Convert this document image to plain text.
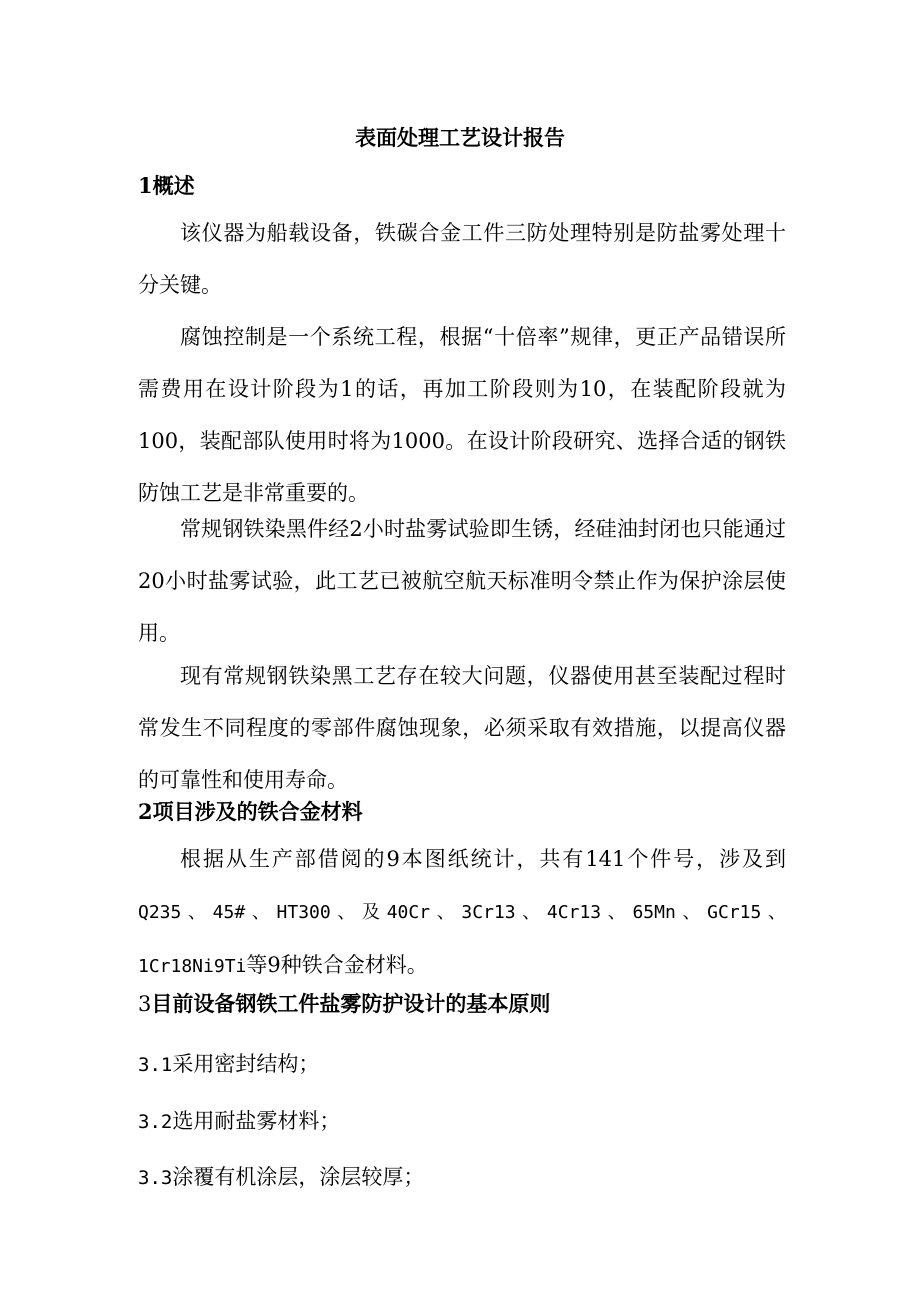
表面处理工艺设计报告
1概述

该仪器为船载设备，铁碳合金工件三防处理特别是防盐雾处理十分关键。

腐蚀控制是一个系统工程，根据“十倍率”规律，更正产品错误所需费用在设计阶段为1的话，再加工阶段则为10，在装配阶段就为100，装配部队使用时将为1000。在设计阶段研究、选择合适的钢铁防蚀工艺是非常重要的。

常规钢铁染黑件经2小时盐雾试验即生锈，经硅油封闭也只能通过20小时盐雾试验，此工艺已被航空航天标准明令禁止作为保护涂层使用。

现有常规钢铁染黑工艺存在较大问题，仪器使用甚至装配过程时常发生不同程度的零部件腐蚀现象，必须采取有效措施，以提高仪器的可靠性和使用寿命。

2项目涉及的铁合金材料

根据从生产部借阅的9本图纸统计，共有141个件号，涉及到Q235、45#、HT300、及40Cr、3Cr13、4Cr13、65Mn、GCr15、1Cr18Ni9Ti等9种铁合金材料。

3目前设备钢铁工件盐雾防护设计的基本原则

3.1采用密封结构；

3.2选用耐盐雾材料；

3.3涂覆有机涂层，涂层较厚；
